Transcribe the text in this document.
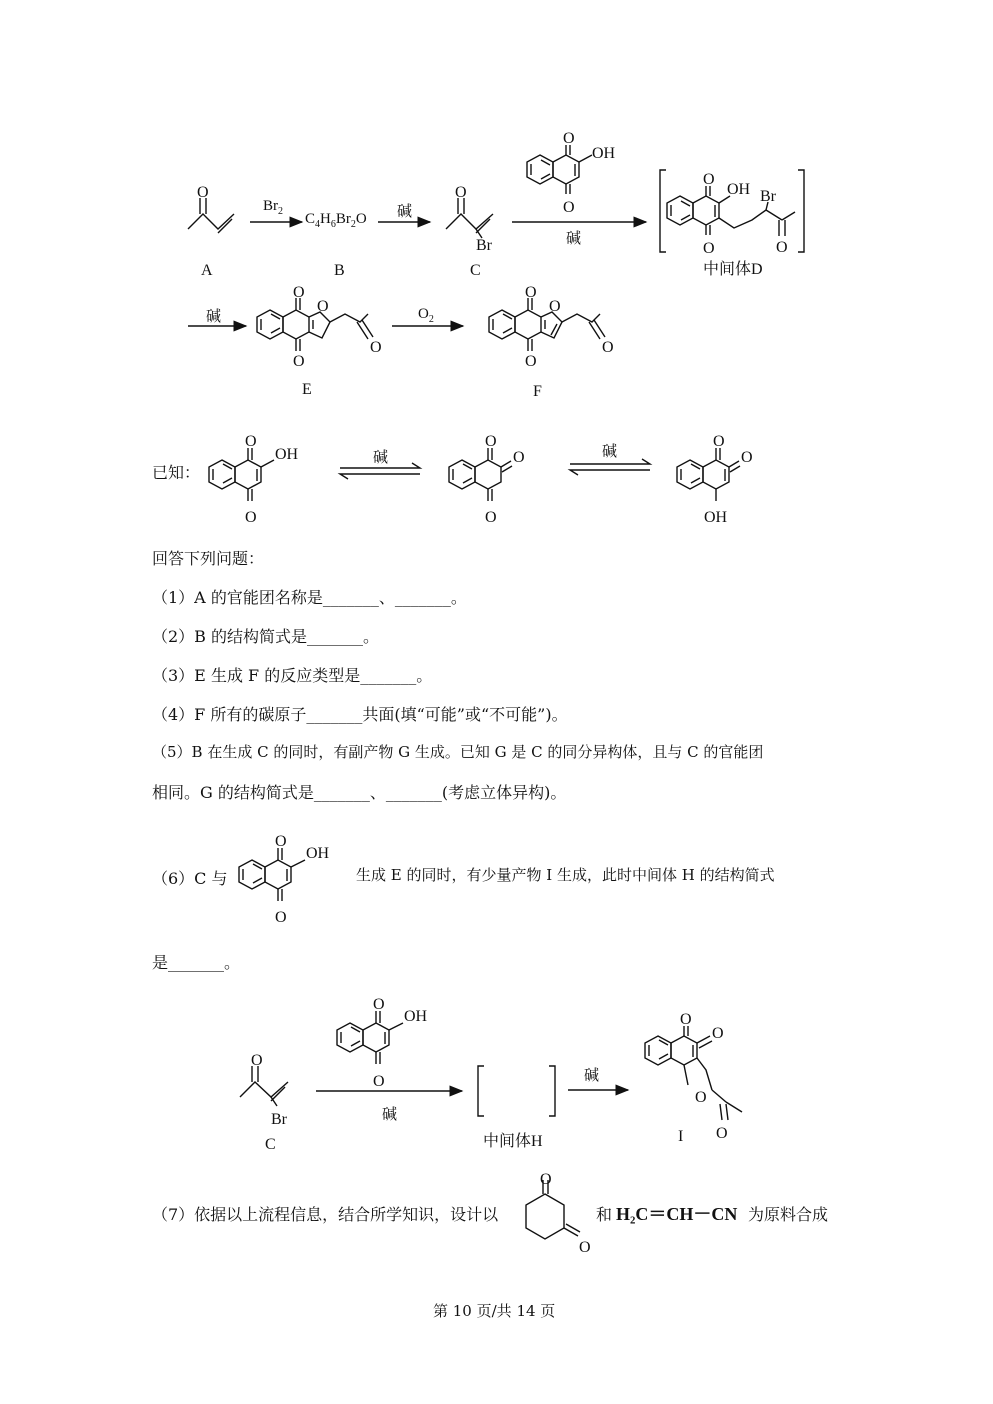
O	O
Br
O
OH
O
O
OH Br
O	O
O
O
O
O
O
O
O
O
O
OH
O
O
O
O
O
O
OH
O
OH
O
O
Br
O
OH
O
O
O
O
O
O
O
$Br_2$ $C_4H_6Br_2O$ 碱
碱
碱	$O_2$
A	B	C	中间体D
E	F
已知：
碱	碱
回答下列问题：
（1）A 的官能团名称是_______、_______。
（2）B 的结构简式是_______。
（3）E 生成 F 的反应类型是_______。
（4）F 所有的碳原子_______共面(填“可能”或“不可能”)。
（5）B 在生成 C 的同时，有副产物 G 生成。已知 G 是 C 的同分异构体，且与 C 的官能团
相同。G 的结构简式是_______、_______(考虑立体异构)。
（6）C 与	生成 E 的同时，有少量产物 I 生成，此时中间体 H 的结构简式
是_______。
碱
碱
C	中间体H	I
（7）依据以上流程信息，结合所学知识，设计以	和 H₂C＝CH－CN 为原料合成
第 10 页/共 14 页
